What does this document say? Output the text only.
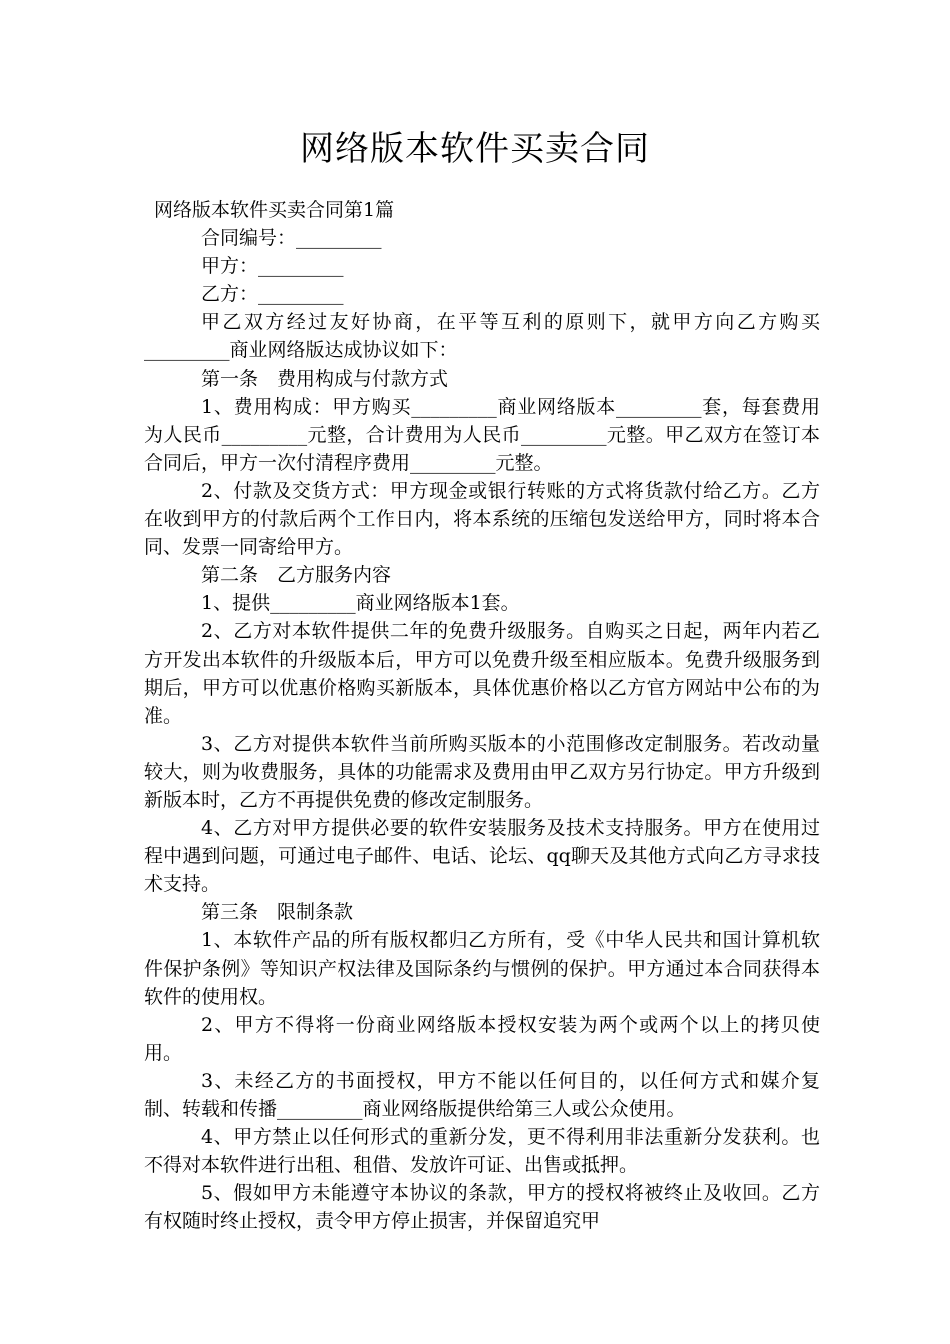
网络版本软件买卖合同

网络版本软件买卖合同第1篇

合同编号：_________

甲方：_________

乙方：_________

甲乙双方经过友好协商，在平等互利的原则下，就甲方向乙方购买_________商业网络版达成协议如下：

第一条　费用构成与付款方式

1、费用构成：甲方购买_________商业网络版本_________套，每套费用为人民币_________元整，合计费用为人民币_________元整。甲乙双方在签订本合同后，甲方一次付清程序费用_________元整。

2、付款及交货方式：甲方现金或银行转账的方式将货款付给乙方。乙方在收到甲方的付款后两个工作日内，将本系统的压缩包发送给甲方，同时将本合同、发票一同寄给甲方。

第二条　乙方服务内容

1、提供_________商业网络版本1套。

2、乙方对本软件提供二年的免费升级服务。自购买之日起，两年内若乙方开发出本软件的升级版本后，甲方可以免费升级至相应版本。免费升级服务到期后，甲方可以优惠价格购买新版本，具体优惠价格以乙方官方网站中公布的为准。

3、乙方对提供本软件当前所购买版本的小范围修改定制服务。若改动量较大，则为收费服务，具体的功能需求及费用由甲乙双方另行协定。甲方升级到新版本时，乙方不再提供免费的修改定制服务。

4、乙方对甲方提供必要的软件安装服务及技术支持服务。甲方在使用过程中遇到问题，可通过电子邮件、电话、论坛、qq聊天及其他方式向乙方寻求技术支持。

第三条　限制条款

1、本软件产品的所有版权都归乙方所有，受《中华人民共和国计算机软件保护条例》等知识产权法律及国际条约与惯例的保护。甲方通过本合同获得本软件的使用权。

2、甲方不得将一份商业网络版本授权安装为两个或两个以上的拷贝使用。

3、未经乙方的书面授权，甲方不能以任何目的，以任何方式和媒介复制、转载和传播_________商业网络版提供给第三人或公众使用。

4、甲方禁止以任何形式的重新分发，更不得利用非法重新分发获利。也不得对本软件进行出租、租借、发放许可证、出售或抵押。

5、假如甲方未能遵守本协议的条款，甲方的授权将被终止及收回。乙方有权随时终止授权，责令甲方停止损害，并保留追究甲
